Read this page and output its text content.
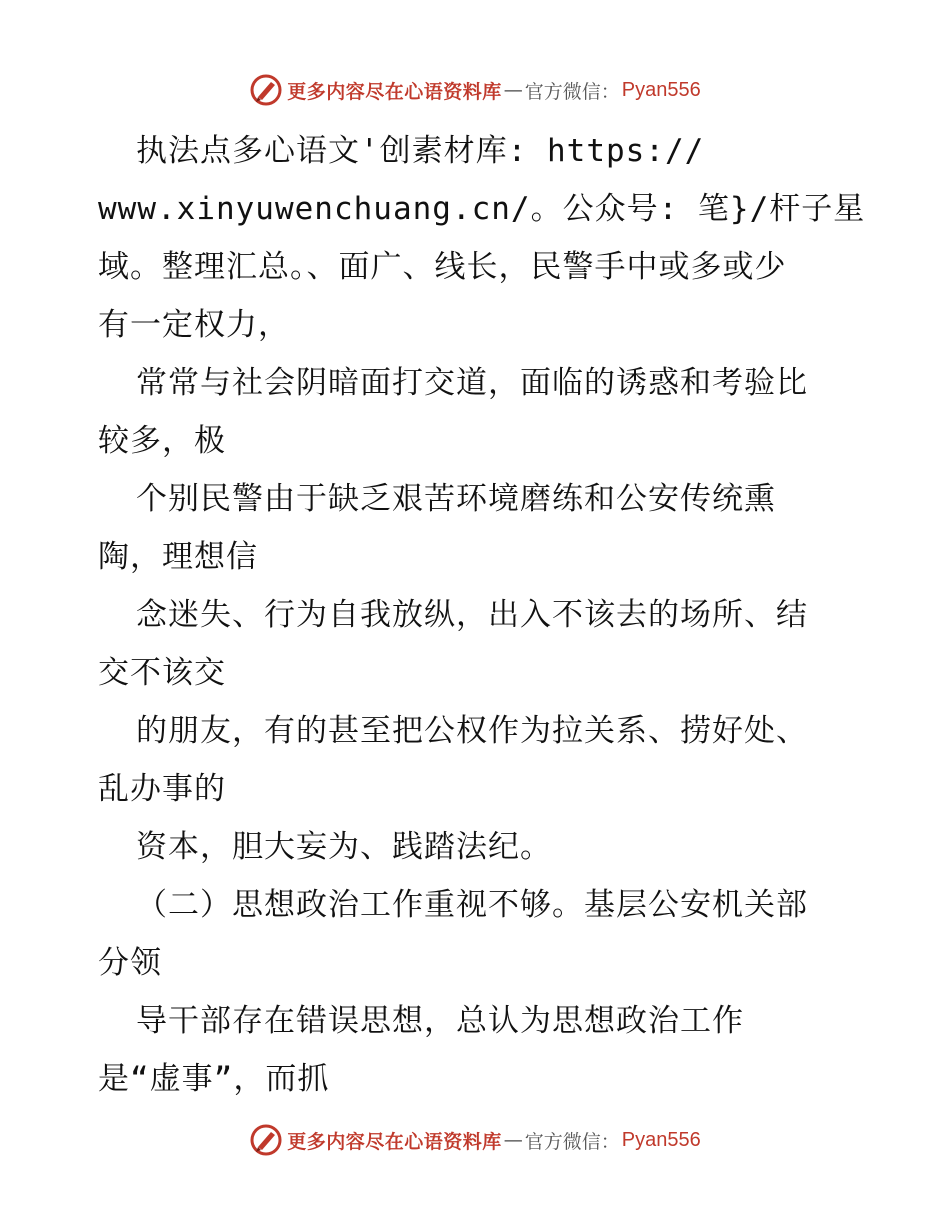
更多内容尽在心语资料库 — 官方微信： Pyan556
执法点多心语文'创素材库: https://
www.xinyuwenchuang.cn/。公众号: 笔}/杆子星
域。整理汇总。、面广、线长，民警手中或多或少
有一定权力，
常常与社会阴暗面打交道，面临的诱惑和考验比
较多，极
个别民警由于缺乏艰苦环境磨练和公安传统熏
陶，理想信
念迷失、行为自我放纵，出入不该去的场所、结
交不该交
的朋友，有的甚至把公权作为拉关系、捞好处、
乱办事的
资本，胆大妄为、践踏法纪。
（二）思想政治工作重视不够。基层公安机关部
分领
导干部存在错误思想，总认为思想政治工作
是“虚事”，而抓
更多内容尽在心语资料库 — 官方微信： Pyan556
